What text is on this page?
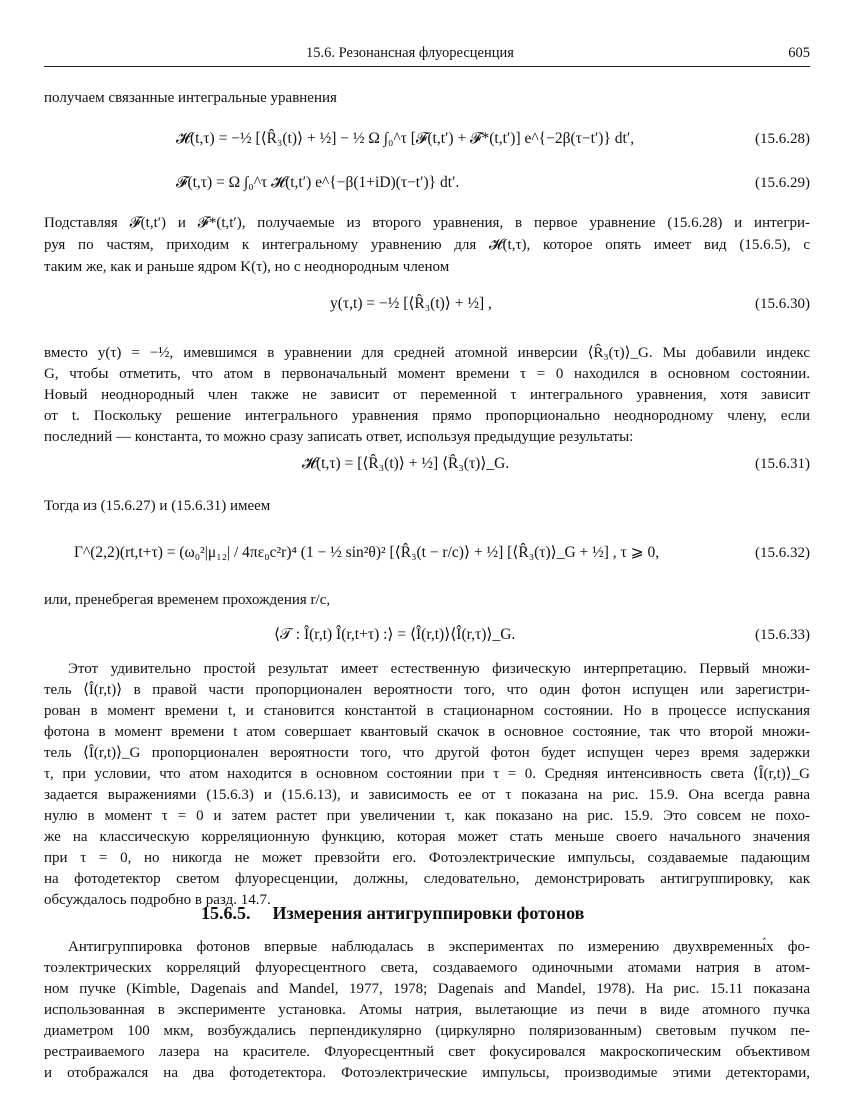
15.6. Резонансная флуоресценция	605
получаем связанные интегральные уравнения
𝓗(t,τ) = −½ [⟨R̂₃(t)⟩ + ½] − ½ Ω ∫₀^τ [𝓕(t,t′) + 𝓕*(t,t′)] e^{−2β(τ−t′)} dt′,	(15.6.28)
𝓕(t,τ) = Ω ∫₀^τ 𝓗(t,t′) e^{−β(1+iD)(τ−t′)} dt′.	(15.6.29)
Подставляя 𝓕(t,t′) и 𝓕*(t,t′), получаемые из второго уравнения, в первое уравнение (15.6.28) и интегри-
руя по частям, приходим к интегральному уравнению для 𝓗(t,τ), которое опять имеет вид (15.6.5), с
таким же, как и раньше ядром K(τ), но с неоднородным членом
y(τ,t) = −½ [⟨R̂₃(t)⟩ + ½] ,	(15.6.30)
вместо y(τ) = −½, имевшимся в уравнении для средней атомной инверсии ⟨R̂₃(τ)⟩_G. Мы добавили индекс
G, чтобы отметить, что атом в первоначальный момент времени τ = 0 находился в основном состоянии.
Новый неоднородный член также не зависит от переменной τ интегрального уравнения, хотя зависит
от t. Поскольку решение интегрального уравнения прямо пропорционально неоднородному члену, если
последний — константа, то можно сразу записать ответ, используя предыдущие результаты:
𝓗(t,τ) = [⟨R̂₃(t)⟩ + ½] ⟨R̂₃(τ)⟩_G.	(15.6.31)
Тогда из (15.6.27) и (15.6.31) имеем
Γ^(2,2)(rt,t+τ) = (ω₀²|μ₁₂| / 4πε₀c²r)⁴ (1 − ½ sin²θ)² [⟨R̂₃(t − r/c)⟩ + ½] [⟨R̂₃(τ)⟩_G + ½] , τ ⩾ 0,	(15.6.32)
или, пренебрегая временем прохождения r/c,
⟨𝒯 : Î(r,t) Î(r,t+τ) :⟩ = ⟨Î(r,t)⟩⟨Î(r,τ)⟩_G.	(15.6.33)
Этот удивительно простой результат имеет естественную физическую интерпретацию. Первый множи-
тель ⟨Î(r,t)⟩ в правой части пропорционален вероятности того, что один фотон испущен или зарегистри-
рован в момент времени t, и становится константой в стационарном состоянии. Но в процессе испускания
фотона в момент времени t атом совершает квантовый скачок в основное состояние, так что второй множи-
тель ⟨Î(r,t)⟩_G пропорционален вероятности того, что другой фотон будет испущен через время задержки
τ, при условии, что атом находится в основном состоянии при τ = 0. Средняя интенсивность света ⟨Î(r,t)⟩_G
задается выражениями (15.6.3) и (15.6.13), и зависимость ее от τ показана на рис. 15.9. Она всегда равна
нулю в момент τ = 0 и затем растет при увеличении τ, как показано на рис. 15.9. Это совсем не похо-
же на классическую корреляционную функцию, которая может стать меньше своего начального значения
при τ = 0, но никогда не может превзойти его. Фотоэлектрические импульсы, создаваемые падающим
на фотодетектор светом флуоресценции, должны, следовательно, демонстрировать антигруппировку, как
обсуждалось подробно в разд. 14.7.
15.6.5. Измерения антигруппировки фотонов
Антигруппировка фотонов впервые наблюдалась в экспериментах по измерению двухвременны́х фо-
тоэлектрических корреляций флуоресцентного света, создаваемого одиночными атомами натрия в атом-
ном пучке (Kimble, Dagenais and Mandel, 1977, 1978; Dagenais and Mandel, 1978). На рис. 15.11 показана
использованная в эксперименте установка. Атомы натрия, вылетающие из печи в виде атомного пучка
диаметром 100 мкм, возбуждались перпендикулярно (циркулярно поляризованным) световым пучком пе-
рестраиваемого лазера на красителе. Флуоресцентный свет фокусировался макроскопическим объективом
и отображался на два фотодетектора. Фотоэлектрические импульсы, производимые этими детекторами,
